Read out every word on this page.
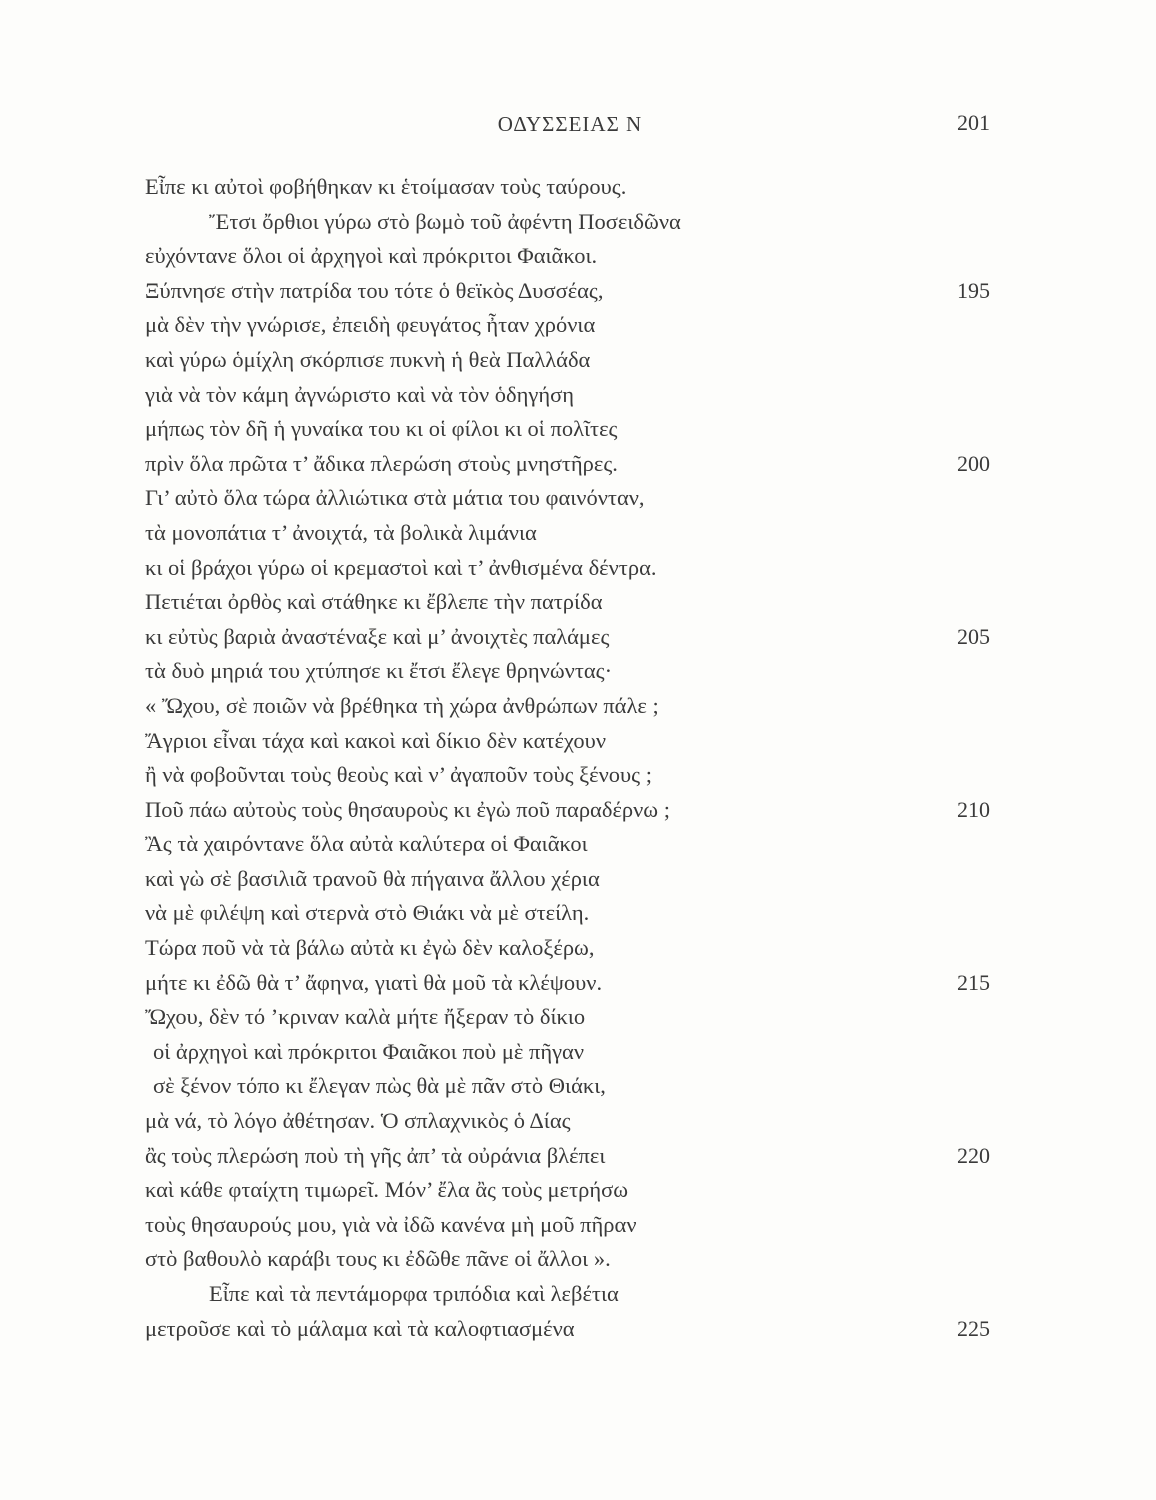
ΟΔΥΣΣΕΙΑΣ Ν	201
Εἶπε κι αὐτοὶ φοβήθηκαν κι ἑτοίμασαν τοὺς ταύρους.
Ἔτσι ὄρθιοι γύρω στὸ βωμὸ τοῦ ἀφέντη Ποσειδῶνα
εὐχόντανε ὅλοι οἱ ἀρχηγοὶ καὶ πρόκριτοι Φαιᾶκοι.
Ξύπνησε στὴν πατρίδα του τότε ὁ θεϊκὸς Δυσσέας,
μὰ δὲν τὴν γνώρισε, ἐπειδὴ φευγάτος ἦταν χρόνια
καὶ γύρω ὁμίχλη σκόρπισε πυκνὴ ἡ θεὰ Παλλάδα
γιὰ νὰ τὸν κάμη ἀγνώριστο καὶ νὰ τὸν ὁδηγήση
μήπως τὸν δῆ ἡ γυναίκα του κι οἱ φίλοι κι οἱ πολῖτες
πρὶν ὅλα πρῶτα τ’ ἄδικα πλερώση στοὺς μνηστῆρες.
Γι’ αὐτὸ ὅλα τώρα ἀλλιώτικα στὰ μάτια του φαινόνταν,
τὰ μονοπάτια τ’ ἀνοιχτά, τὰ βολικὰ λιμάνια
κι οἱ βράχοι γύρω οἱ κρεμαστοὶ καὶ τ’ ἀνθισμένα δέντρα.
Πετιέται ὀρθὸς καὶ στάθηκε κι ἔβλεπε τὴν πατρίδα
κι εὐτὺς βαριὰ ἀναστέναξε καὶ μ’ ἀνοιχτὲς παλάμες
τὰ δυὸ μηριά του χτύπησε κι ἔτσι ἔλεγε θρηνώντας·
« Ὤχου, σὲ ποιῶν νὰ βρέθηκα τὴ χώρα ἀνθρώπων πάλε ;
Ἄγριοι εἶναι τάχα καὶ κακοὶ καὶ δίκιο δὲν κατέχουν
ἢ νὰ φοβοῦνται τοὺς θεοὺς καὶ ν’ ἀγαποῦν τοὺς ξένους ;
Ποῦ πάω αὐτοὺς τοὺς θησαυροὺς κι ἐγὼ ποῦ παραδέρνω ;
Ἂς τὰ χαιρόντανε ὅλα αὐτὰ καλύτερα οἱ Φαιᾶκοι
καὶ γὼ σὲ βασιλιᾶ τρανοῦ θὰ πήγαινα ἄλλου χέρια
νὰ μὲ φιλέψη καὶ στερνὰ στὸ Θιάκι νὰ μὲ στείλη.
Τώρα ποῦ νὰ τὰ βάλω αὐτὰ κι ἐγὼ δὲν καλοξέρω,
μήτε κι ἐδῶ θὰ τ’ ἄφηνα, γιατὶ θὰ μοῦ τὰ κλέψουν.
Ὤχου, δὲν τό ’κριναν καλὰ μήτε ἤξεραν τὸ δίκιο
οἱ ἀρχηγοὶ καὶ πρόκριτοι Φαιᾶκοι ποὺ μὲ πῆγαν
σὲ ξένον τόπο κι ἔλεγαν πὼς θὰ μὲ πᾶν στὸ Θιάκι,
μὰ νά, τὸ λόγο ἀθέτησαν. Ὁ σπλαχνικὸς ὁ Δίας
ἂς τοὺς πλερώση ποὺ τὴ γῆς ἀπ’ τὰ οὐράνια βλέπει
καὶ κάθε φταίχτη τιμωρεῖ. Μόν’ ἔλα ἂς τοὺς μετρήσω
τοὺς θησαυρούς μου, γιὰ νὰ ἰδῶ κανένα μὴ μοῦ πῆραν
στὸ βαθουλὸ καράβι τους κι ἐδῶθε πᾶνε οἱ ἄλλοι ».
Εἶπε καὶ τὰ πεντάμορφα τριπόδια καὶ λεβέτια
μετροῦσε καὶ τὸ μάλαμα καὶ τὰ καλοφτιασμένα
195
200
205
210
215
220
225
